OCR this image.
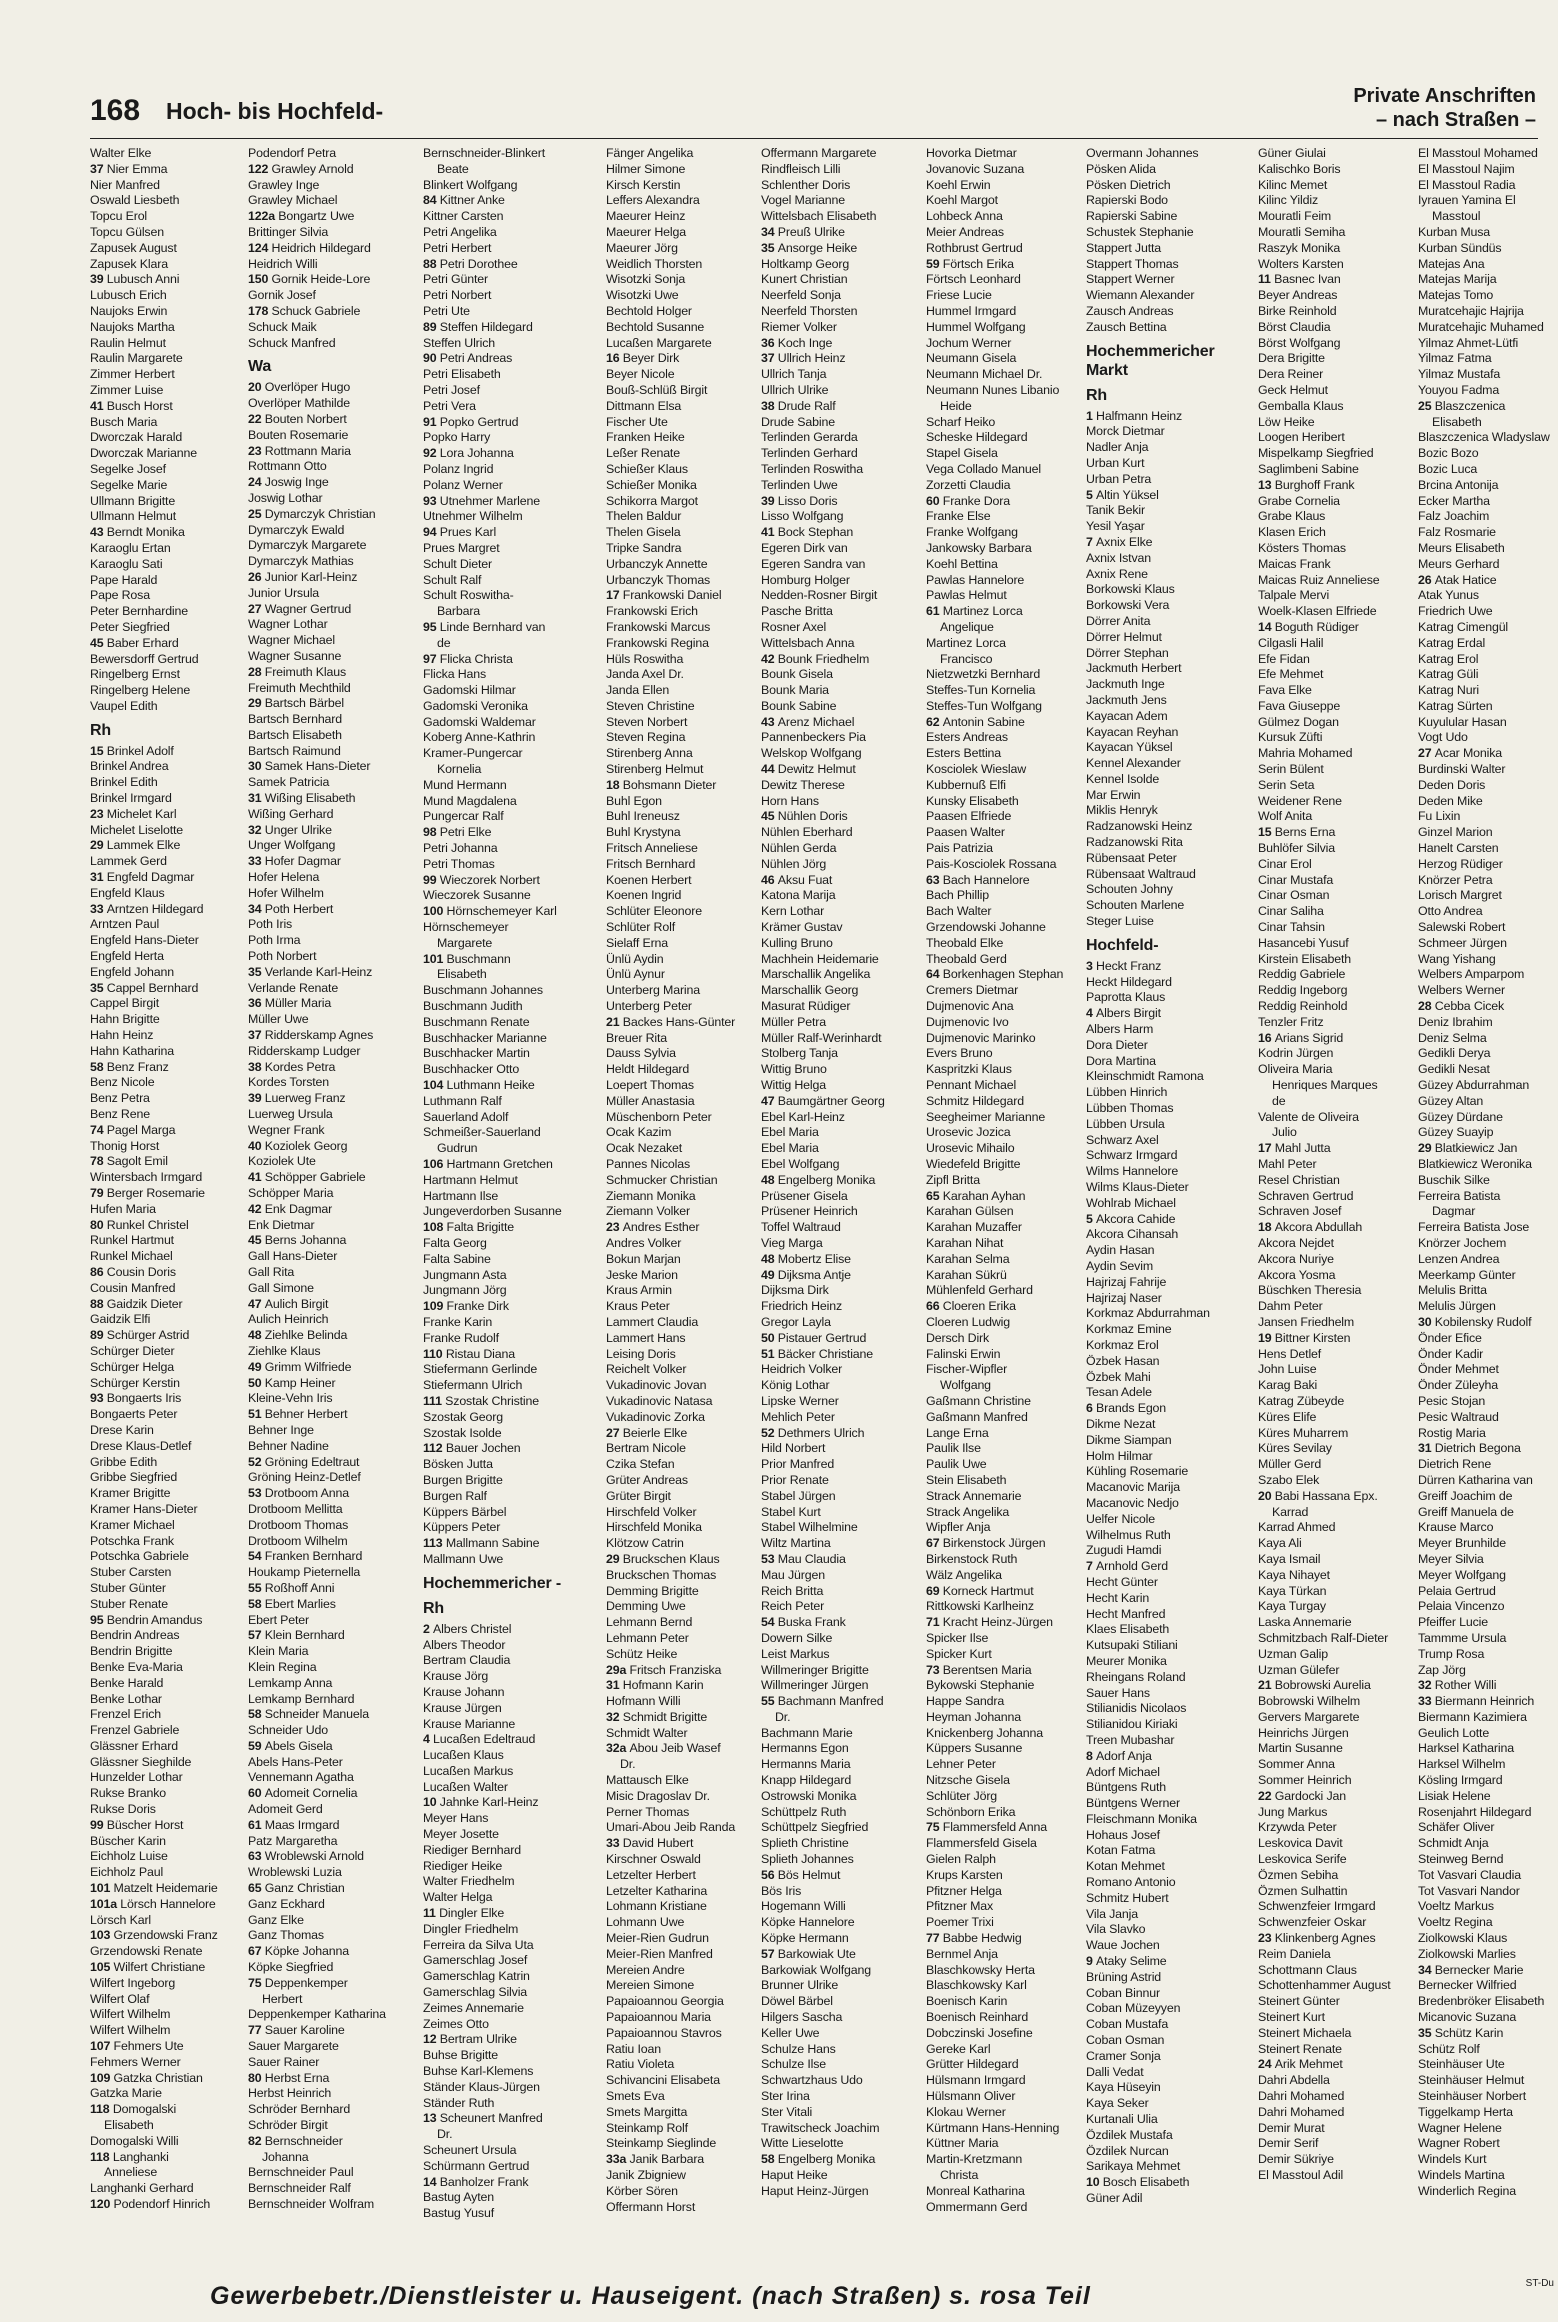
168 Hoch- bis Hochfeld-
Private Anschriften
– nach Straßen –
Walter Elke
37 Nier Emma
Nier Manfred
Oswald Liesbeth
Topcu Erol
Topcu Gülsen
Zapusek August
Zapusek Klara
39 Lubusch Anni
Lubusch Erich
Naujoks Erwin
Naujoks Martha
Raulin Helmut
Raulin Margarete
Zimmer Herbert
Zimmer Luise
41 Busch Horst
Busch Maria
Dworczak Harald
Dworczak Marianne
Segelke Josef
Segelke Marie
Ullmann Brigitte
Ullmann Helmut
43 Berndt Monika
Karaoglu Ertan
Karaoglu Sati
Pape Harald
Pape Rosa
Peter Bernhardine
Peter Siegfried
45 Baber Erhard
Bewersdorff Gertrud
Ringelberg Ernst
Ringelberg Helene
Vaupel Edith
Rh
15 Brinkel Adolf
Brinkel Andrea
Brinkel Edith
Brinkel Irmgard
23 Michelet Karl
Michelet Liselotte
29 Lammek Elke
Lammek Gerd
31 Engfeld Dagmar
Engfeld Klaus
33 Arntzen Hildegard
Arntzen Paul
Engfeld Hans-Dieter
Engfeld Herta
Engfeld Johann
35 Cappel Bernhard
Cappel Birgit
Hahn Brigitte
Hahn Heinz
Hahn Katharina
58 Benz Franz
Benz Nicole
Benz Petra
Benz Rene
74 Pagel Marga
Thonig Horst
78 Sagolt Emil
Wintersbach Irmgard
79 Berger Rosemarie
Hufen Maria
80 Runkel Christel
Runkel Hartmut
Runkel Michael
86 Cousin Doris
Cousin Manfred
88 Gaidzik Dieter
Gaidzik Elfi
89 Schürger Astrid
Schürger Dieter
Schürger Helga
Schürger Kerstin
93 Bongaerts Iris
Bongaerts Peter
Drese Karin
Drese Klaus-Detlef
Gribbe Edith
Gribbe Siegfried
Kramer Brigitte
Kramer Hans-Dieter
Kramer Michael
Potschka Frank
Potschka Gabriele
Stuber Carsten
Stuber Günter
Stuber Renate
95 Bendrin Amandus
Bendrin Andreas
Bendrin Brigitte
Benke Eva-Maria
Benke Harald
Benke Lothar
Frenzel Erich
Frenzel Gabriele
Glässner Erhard
Glässner Sieghilde
Hunzelder Lothar
Rukse Branko
Rukse Doris
99 Büscher Horst
Büscher Karin
Eichholz Luise
Eichholz Paul
101 Matzelt Heidemarie
101a Lörsch Hannelore
Lörsch Karl
103 Grzendowski Franz
Grzendowski Renate
105 Wilfert Christiane
Wilfert Ingeborg
Wilfert Olaf
Wilfert Wilhelm
Wilfert Wilhelm
107 Fehmers Ute
Fehmers Werner
109 Gatzka Christian
Gatzka Marie
118 Domogalski
Elisabeth
Domogalski Willi
118 Langhanki
Anneliese
Langhanki Gerhard
120 Podendorf Hinrich
Podendorf Petra
122 Grawley Arnold
Grawley Inge
Grawley Michael
122a Bongartz Uwe
Brittinger Silvia
124 Heidrich Hildegard
Heidrich Willi
150 Gornik Heide-Lore
Gornik Josef
178 Schuck Gabriele
Schuck Maik
Schuck Manfred
Wa
20 Overlöper Hugo
Overlöper Mathilde
22 Bouten Norbert
Bouten Rosemarie
23 Rottmann Maria
Rottmann Otto
24 Joswig Inge
Joswig Lothar
25 Dymarczyk Christian
Dymarczyk Ewald
Dymarczyk Margarete
Dymarczyk Mathias
26 Junior Karl-Heinz
Junior Ursula
27 Wagner Gertrud
Wagner Lothar
Wagner Michael
Wagner Susanne
28 Freimuth Klaus
Freimuth Mechthild
29 Bartsch Bärbel
Bartsch Bernhard
Bartsch Elisabeth
Bartsch Raimund
30 Samek Hans-Dieter
Samek Patricia
31 Wißing Elisabeth
Wißing Gerhard
32 Unger Ulrike
Unger Wolfgang
33 Hofer Dagmar
Hofer Helena
Hofer Wilhelm
34 Poth Herbert
Poth Iris
Poth Irma
Poth Norbert
35 Verlande Karl-Heinz
Verlande Renate
36 Müller Maria
Müller Uwe
37 Ridderskamp Agnes
Ridderskamp Ludger
38 Kordes Petra
Kordes Torsten
39 Luerweg Franz
Luerweg Ursula
Wegner Frank
40 Koziolek Georg
Koziolek Ute
41 Schöpper Gabriele
Schöpper Maria
42 Enk Dagmar
Enk Dietmar
45 Berns Johanna
Gall Hans-Dieter
Gall Rita
Gall Simone
47 Aulich Birgit
Aulich Heinrich
48 Ziehlke Belinda
Ziehlke Klaus
49 Grimm Wilfriede
50 Kamp Heiner
Kleine-Vehn Iris
51 Behner Herbert
Behner Inge
Behner Nadine
52 Gröning Edeltraut
Gröning Heinz-Detlef
53 Drotboom Anna
Drotboom Mellitta
Drotboom Thomas
Drotboom Wilhelm
54 Franken Bernhard
Houkamp Pieternella
55 Roßhoff Anni
58 Ebert Marlies
Ebert Peter
57 Klein Bernhard
Klein Maria
Klein Regina
Lemkamp Anna
Lemkamp Bernhard
58 Schneider Manuela
Schneider Udo
59 Abels Gisela
Abels Hans-Peter
Vennemann Agatha
60 Adomeit Cornelia
Adomeit Gerd
61 Maas Irmgard
Patz Margaretha
63 Wroblewski Arnold
Wroblewski Luzia
65 Ganz Christian
Ganz Eckhard
Ganz Elke
Ganz Thomas
67 Köpke Johanna
Köpke Siegfried
75 Deppenkemper
Herbert
Deppenkemper Katharina
77 Sauer Karoline
Sauer Margarete
Sauer Rainer
80 Herbst Erna
Herbst Heinrich
Schröder Bernhard
Schröder Birgit
82 Bernschneider
Johanna
Bernschneider Paul
Bernschneider Ralf
Bernschneider Wolfram
Bernschneider-Blinkert
Beate
Blinkert Wolfgang
84 Kittner Anke
Kittner Carsten
Petri Angelika
Petri Herbert
88 Petri Dorothee
Petri Günter
Petri Norbert
Petri Ute
89 Steffen Hildegard
Steffen Ulrich
90 Petri Andreas
Petri Elisabeth
Petri Josef
Petri Vera
91 Popko Gertrud
Popko Harry
92 Lora Johanna
Polanz Ingrid
Polanz Werner
93 Utnehmer Marlene
Utnehmer Wilhelm
94 Prues Karl
Prues Margret
Schult Dieter
Schult Ralf
Schult Roswitha-
Barbara
95 Linde Bernhard van
de
97 Flicka Christa
Flicka Hans
Gadomski Hilmar
Gadomski Veronika
Gadomski Waldemar
Koberg Anne-Kathrin
Kramer-Pungercar
Kornelia
Mund Hermann
Mund Magdalena
Pungercar Ralf
98 Petri Elke
Petri Johanna
Petri Thomas
99 Wieczorek Norbert
Wieczorek Susanne
100 Hörnschemeyer Karl
Hörnschemeyer
Margarete
101 Buschmann
Elisabeth
Buschmann Johannes
Buschmann Judith
Buschmann Renate
Buschhacker Marianne
Buschhacker Martin
Buschhacker Otto
104 Luthmann Heike
Luthmann Ralf
Sauerland Adolf
Schmeißer-Sauerland
Gudrun
106 Hartmann Gretchen
Hartmann Helmut
Hartmann Ilse
Jungeverdorben Susanne
108 Falta Brigitte
Falta Georg
Falta Sabine
Jungmann Asta
Jungmann Jörg
109 Franke Dirk
Franke Karin
Franke Rudolf
110 Ristau Diana
Stiefermann Gerlinde
Stiefermann Ulrich
111 Szostak Christine
Szostak Georg
Szostak Isolde
112 Bauer Jochen
Bösken Jutta
Burgen Brigitte
Burgen Ralf
Küppers Bärbel
Küppers Peter
113 Mallmann Sabine
Mallmann Uwe
Hochemmericher -
Rh
2 Albers Christel
Albers Theodor
Bertram Claudia
Krause Jörg
Krause Johann
Krause Jürgen
Krause Marianne
4 Lucaßen Edeltraud
Lucaßen Klaus
Lucaßen Markus
Lucaßen Walter
10 Jahnke Karl-Heinz
Meyer Hans
Meyer Josette
Riediger Bernhard
Riediger Heike
Walter Friedhelm
Walter Helga
11 Dingler Elke
Dingler Friedhelm
Ferreira da Silva Uta
Gamerschlag Josef
Gamerschlag Katrin
Gamerschlag Silvia
Zeimes Annemarie
Zeimes Otto
12 Bertram Ulrike
Buhse Brigitte
Buhse Karl-Klemens
Ständer Klaus-Jürgen
Ständer Ruth
13 Scheunert Manfred
Dr.
Scheunert Ursula
Schürmann Gertrud
14 Banholzer Frank
Bastug Ayten
Bastug Yusuf
Fänger Angelika
Hilmer Simone
Kirsch Kerstin
Leffers Alexandra
Maeurer Heinz
Maeurer Helga
Maeurer Jörg
Weidlich Thorsten
Wisotzki Sonja
Wisotzki Uwe
Bechtold Holger
Bechtold Susanne
Lucaßen Margarete
16 Beyer Dirk
Beyer Nicole
Bouß-Schlüß Birgit
Dittmann Elsa
Fischer Ute
Franken Heike
Leßer Renate
Schießer Klaus
Schießer Monika
Schikorra Margot
Thelen Baldur
Thelen Gisela
Tripke Sandra
Urbanczyk Annette
Urbanczyk Thomas
17 Frankowski Daniel
Frankowski Erich
Frankowski Marcus
Frankowski Regina
Hüls Roswitha
Janda Axel Dr.
Janda Ellen
Steven Christine
Steven Norbert
Steven Regina
Stirenberg Anna
Stirenberg Helmut
18 Bohsmann Dieter
Buhl Egon
Buhl Ireneusz
Buhl Krystyna
Fritsch Anneliese
Fritsch Bernhard
Koenen Herbert
Koenen Ingrid
Schlüter Eleonore
Schlüter Rolf
Sielaff Erna
Ünlü Aydin
Ünlü Aynur
Unterberg Marina
Unterberg Peter
21 Backes Hans-Günter
Breuer Rita
Dauss Sylvia
Heldt Hildegard
Loepert Thomas
Müller Anastasia
Müschenborn Peter
Ocak Kazim
Ocak Nezaket
Pannes Nicolas
Schmucker Christian
Ziemann Monika
Ziemann Volker
23 Andres Esther
Andres Volker
Bokun Marjan
Jeske Marion
Kraus Armin
Kraus Peter
Lammert Claudia
Lammert Hans
Leising Doris
Reichelt Volker
Vukadinovic Jovan
Vukadinovic Natasa
Vukadinovic Zorka
27 Beierle Elke
Bertram Nicole
Czika Stefan
Grüter Andreas
Grüter Birgit
Hirschfeld Volker
Hirschfeld Monika
Klötzow Catrin
29 Bruckschen Klaus
Bruckschen Thomas
Demming Brigitte
Demming Uwe
Lehmann Bernd
Lehmann Peter
Schütz Heike
29a Fritsch Franziska
31 Hofmann Karin
Hofmann Willi
32 Schmidt Brigitte
Schmidt Walter
32a Abou Jeib Wasef
Dr.
Mattausch Elke
Misic Dragoslav Dr.
Perner Thomas
Umari-Abou Jeib Randa
33 David Hubert
Kirschner Oswald
Letzelter Herbert
Letzelter Katharina
Lohmann Kristiane
Lohmann Uwe
Meier-Rien Gudrun
Meier-Rien Manfred
Mereien Andre
Mereien Simone
Papaioannou Georgia
Papaioannou Maria
Papaioannou Stavros
Ratiu Ioan
Ratiu Violeta
Schivancini Elisabeta
Smets Eva
Smets Margitta
Steinkamp Rolf
Steinkamp Sieglinde
33a Janik Barbara
Janik Zbigniew
Körber Sören
Offermann Horst
Offermann Margarete
Rindfleisch Lilli
Schlenther Doris
Vogel Marianne
Wittelsbach Elisabeth
34 Preuß Ulrike
35 Ansorge Heike
Holtkamp Georg
Kunert Christian
Neerfeld Sonja
Neerfeld Thorsten
Riemer Volker
36 Koch Inge
37 Ullrich Heinz
Ullrich Tanja
Ullrich Ulrike
38 Drude Ralf
Drude Sabine
Terlinden Gerarda
Terlinden Gerhard
Terlinden Roswitha
Terlinden Uwe
39 Lisso Doris
Lisso Wolfgang
41 Bock Stephan
Egeren Dirk van
Egeren Sandra van
Homburg Holger
Nedden-Rosner Birgit
Pasche Britta
Rosner Axel
Wittelsbach Anna
42 Bounk Friedhelm
Bounk Gisela
Bounk Maria
Bounk Sabine
43 Arenz Michael
Pannenbeckers Pia
Welskop Wolfgang
44 Dewitz Helmut
Dewitz Therese
Horn Hans
45 Nühlen Doris
Nühlen Eberhard
Nühlen Gerda
Nühlen Jörg
46 Aksu Fuat
Katona Marija
Kern Lothar
Krämer Gustav
Kulling Bruno
Machhein Heidemarie
Marschallik Angelika
Marschallik Georg
Masurat Rüdiger
Müller Petra
Müller Ralf-Werinhardt
Stolberg Tanja
Wittig Bruno
Wittig Helga
47 Baumgärtner Georg
Ebel Karl-Heinz
Ebel Maria
Ebel Maria
Ebel Wolfgang
48 Engelberg Monika
Prüsener Gisela
Prüsener Heinrich
Toffel Waltraud
Vieg Marga
48 Mobertz Elise
49 Dijksma Antje
Dijksma Dirk
Friedrich Heinz
Gregor Layla
50 Pistauer Gertrud
51 Bäcker Christiane
Heidrich Volker
König Lothar
Lipske Werner
Mehlich Peter
52 Dethmers Ulrich
Hild Norbert
Prior Manfred
Prior Renate
Stabel Jürgen
Stabel Kurt
Stabel Wilhelmine
Wiltz Martina
53 Mau Claudia
Mau Jürgen
Reich Britta
Reich Peter
54 Buska Frank
Dowern Silke
Leist Markus
Willmeringer Brigitte
Willmeringer Jürgen
55 Bachmann Manfred
Dr.
Bachmann Marie
Hermanns Egon
Hermanns Maria
Knapp Hildegard
Ostrowski Monika
Schüttpelz Ruth
Schüttpelz Siegfried
Splieth Christine
Splieth Johannes
56 Bös Helmut
Bös Iris
Hogemann Willi
Köpke Hannelore
Köpke Hermann
57 Barkowiak Ute
Barkowiak Wolfgang
Brunner Ulrike
Döwel Bärbel
Hilgers Sascha
Keller Uwe
Schulze Hans
Schulze Ilse
Schwartzhaus Udo
Ster Irina
Ster Vitali
Trawitscheck Joachim
Witte Lieselotte
58 Engelberg Monika
Haput Heike
Haput Heinz-Jürgen
Hovorka Dietmar
Jovanovic Suzana
Koehl Erwin
Koehl Margot
Lohbeck Anna
Meier Andreas
Rothbrust Gertrud
59 Förtsch Erika
Förtsch Leonhard
Friese Lucie
Hummel Irmgard
Hummel Wolfgang
Jochum Werner
Neumann Gisela
Neumann Michael Dr.
Neumann Nunes Libanio
Heide
Scharf Heiko
Scheske Hildegard
Stapel Gisela
Vega Collado Manuel
Zorzetti Claudia
60 Franke Dora
Franke Else
Franke Wolfgang
Jankowsky Barbara
Koehl Bettina
Pawlas Hannelore
Pawlas Helmut
61 Martinez Lorca
Angelique
Martinez Lorca
Francisco
Nietzwetzki Bernhard
Steffes-Tun Kornelia
Steffes-Tun Wolfgang
62 Antonin Sabine
Esters Andreas
Esters Bettina
Kosciolek Wieslaw
Kubbernuß Elfi
Kunsky Elisabeth
Paasen Elfriede
Paasen Walter
Pais Patrizia
Pais-Kosciolek Rossana
63 Bach Hannelore
Bach Phillip
Bach Walter
Grzendowski Johanne
Theobald Elke
Theobald Gerd
64 Borkenhagen Stephan
Cremers Dietmar
Dujmenovic Ana
Dujmenovic Ivo
Dujmenovic Marinko
Evers Bruno
Kaspritzki Klaus
Pennant Michael
Schmitz Hildegard
Seegheimer Marianne
Urosevic Jozica
Urosevic Mihailo
Wiedefeld Brigitte
Zipfl Britta
65 Karahan Ayhan
Karahan Gülsen
Karahan Muzaffer
Karahan Nihat
Karahan Selma
Karahan Sükrü
Mühlenfeld Gerhard
66 Cloeren Erika
Cloeren Ludwig
Dersch Dirk
Falinski Erwin
Fischer-Wipfler
Wolfgang
Gaßmann Christine
Gaßmann Manfred
Lange Erna
Paulik Ilse
Paulik Uwe
Stein Elisabeth
Strack Annemarie
Strack Angelika
Wipfler Anja
67 Birkenstock Jürgen
Birkenstock Ruth
Wälz Angelika
69 Korneck Hartmut
Rittkowski Karlheinz
71 Kracht Heinz-Jürgen
Spicker Ilse
Spicker Kurt
73 Berentsen Maria
Bykowski Stephanie
Happe Sandra
Heyman Johanna
Knickenberg Johanna
Küppers Susanne
Lehner Peter
Nitzsche Gisela
Schlüter Jörg
Schönborn Erika
75 Flammersfeld Anna
Flammersfeld Gisela
Gielen Ralph
Krups Karsten
Pfitzner Helga
Pfitzner Max
Poemer Trixi
77 Babbe Hedwig
Bernmel Anja
Blaschkowsky Herta
Blaschkowsky Karl
Boenisch Karin
Boenisch Reinhard
Dobczinski Josefine
Gereke Karl
Grütter Hildegard
Hülsmann Irmgard
Hülsmann Oliver
Klokau Werner
Kürtmann Hans-Henning
Küttner Maria
Martin-Kretzmann
Christa
Monreal Katharina
Ommermann Gerd
Overmann Johannes
Pösken Alida
Pösken Dietrich
Rapierski Bodo
Rapierski Sabine
Schustek Stephanie
Stappert Jutta
Stappert Thomas
Stappert Werner
Wiemann Alexander
Zausch Andreas
Zausch Bettina
Hochemmericher Markt
Rh
1 Halfmann Heinz
Morck Dietmar
Nadler Anja
Urban Kurt
Urban Petra
5 Altin Yüksel
Tanik Bekir
Yesil Yaşar
7 Axnix Elke
Axnix Istvan
Axnix Rene
Borkowski Klaus
Borkowski Vera
Dörrer Anita
Dörrer Helmut
Dörrer Stephan
Jackmuth Herbert
Jackmuth Inge
Jackmuth Jens
Kayacan Adem
Kayacan Reyhan
Kayacan Yüksel
Kennel Alexander
Kennel Isolde
Mar Erwin
Miklis Henryk
Radzanowski Heinz
Radzanowski Rita
Rübensaat Peter
Rübensaat Waltraud
Schouten Johny
Schouten Marlene
Steger Luise
Hochfeld-
3 Heckt Franz
Heckt Hildegard
Paprotta Klaus
4 Albers Birgit
Albers Harm
Dora Dieter
Dora Martina
Kleinschmidt Ramona
Lübben Hinrich
Lübben Thomas
Lübben Ursula
Schwarz Axel
Schwarz Irmgard
Wilms Hannelore
Wilms Klaus-Dieter
Wohlrab Michael
5 Akcora Cahide
Akcora Cihansah
Aydin Hasan
Aydin Sevim
Hajrizaj Fahrije
Hajrizaj Naser
Korkmaz Abdurrahman
Korkmaz Emine
Korkmaz Erol
Özbek Hasan
Özbek Mahi
Tesan Adele
6 Brands Egon
Dikme Nezat
Dikme Siampan
Holm Hilmar
Kühling Rosemarie
Macanovic Marija
Macanovic Nedjo
Uelfer Nicole
Wilhelmus Ruth
Zugudi Hamdi
7 Arnhold Gerd
Hecht Günter
Hecht Karin
Hecht Manfred
Klaes Elisabeth
Kutsupaki Stiliani
Meurer Monika
Rheingans Roland
Sauer Hans
Stilianidis Nicolaos
Stilianidou Kiriaki
Treen Mubashar
8 Adorf Anja
Adorf Michael
Büntgens Ruth
Büntgens Werner
Fleischmann Monika
Hohaus Josef
Kotan Fatma
Kotan Mehmet
Romano Antonio
Schmitz Hubert
Vila Janja
Vila Slavko
Waue Jochen
9 Ataky Selime
Brüning Astrid
Coban Binnur
Coban Müzeyyen
Coban Mustafa
Coban Osman
Cramer Sonja
Dalli Vedat
Kaya Hüseyin
Kaya Seker
Kurtanali Ulia
Özdilek Mustafa
Özdilek Nurcan
Sarikaya Mehmet
10 Bosch Elisabeth
Güner Adil
Güner Giulai
Kalischko Boris
Kilinc Memet
Kilinc Yildiz
Mouratli Feim
Mouratli Semiha
Raszyk Monika
Wolters Karsten
11 Basnec Ivan
Beyer Andreas
Birke Reinhold
Börst Claudia
Börst Wolfgang
Dera Brigitte
Dera Reiner
Geck Helmut
Gemballa Klaus
Löw Heike
Loogen Heribert
Mispelkamp Siegfried
Saglimbeni Sabine
13 Burghoff Frank
Grabe Cornelia
Grabe Klaus
Klasen Erich
Kösters Thomas
Maicas Frank
Maicas Ruiz Anneliese
Talpale Mervi
Woelk-Klasen Elfriede
14 Boguth Rüdiger
Cilgasli Halil
Efe Fidan
Efe Mehmet
Fava Elke
Fava Giuseppe
Gülmez Dogan
Kursuk Züfti
Mahria Mohamed
Serin Bülent
Serin Seta
Weidener Rene
Wolf Anita
15 Berns Erna
Buhlöfer Silvia
Cinar Erol
Cinar Mustafa
Cinar Osman
Cinar Saliha
Cinar Tahsin
Hasancebi Yusuf
Kirstein Elisabeth
Reddig Gabriele
Reddig Ingeborg
Reddig Reinhold
Tenzler Fritz
16 Arians Sigrid
Kodrin Jürgen
Oliveira Maria
Henriques Marques
de
Valente de Oliveira
Julio
17 Mahl Jutta
Mahl Peter
Resel Christian
Schraven Gertrud
Schraven Josef
18 Akcora Abdullah
Akcora Nejdet
Akcora Nuriye
Akcora Yosma
Büschken Theresia
Dahm Peter
Jansen Friedhelm
19 Bittner Kirsten
Hens Detlef
John Luise
Karag Baki
Katrag Zübeyde
Küres Elife
Küres Muharrem
Küres Sevilay
Müller Gerd
Szabo Elek
20 Babi Hassana Epx.
Karrad
Karrad Ahmed
Kaya Ali
Kaya Ismail
Kaya Nihayet
Kaya Türkan
Kaya Turgay
Laska Annemarie
Schmitzbach Ralf-Dieter
Uzman Galip
Uzman Gülefer
21 Bobrowski Aurelia
Bobrowski Wilhelm
Gervers Margarete
Heinrichs Jürgen
Martin Susanne
Sommer Anna
Sommer Heinrich
22 Gardocki Jan
Jung Markus
Krzywda Peter
Leskovica Davit
Leskovica Serife
Özmen Sebiha
Özmen Sulhattin
Schwenzfeier Irmgard
Schwenzfeier Oskar
23 Klinkenberg Agnes
Reim Daniela
Schottmann Claus
Schottenhammer August
Steinert Günter
Steinert Kurt
Steinert Michaela
Steinert Renate
24 Arik Mehmet
Dahri Abdella
Dahri Mohamed
Dahri Mohamed
Demir Murat
Demir Serif
Demir Sükriye
El Masstoul Adil
El Masstoul Mohamed
El Masstoul Najim
El Masstoul Radia
Iyrauen Yamina El
Masstoul
Kurban Musa
Kurban Sündüs
Matejas Ana
Matejas Marija
Matejas Tomo
Muratcehajic Hajrija
Muratcehajic Muhamed
Yilmaz Ahmet-Lütfi
Yilmaz Fatma
Yilmaz Mustafa
Youyou Fadma
25 Blaszczenica
Elisabeth
Blaszczenica Wladyslaw
Bozic Bozo
Bozic Luca
Brcina Antonija
Ecker Martha
Falz Joachim
Falz Rosmarie
Meurs Elisabeth
Meurs Gerhard
26 Atak Hatice
Atak Yunus
Friedrich Uwe
Katrag Cimengül
Katrag Erdal
Katrag Erol
Katrag Güli
Katrag Nuri
Katrag Sürten
Kuyulular Hasan
Vogt Udo
27 Acar Monika
Burdinski Walter
Deden Doris
Deden Mike
Fu Lixin
Ginzel Marion
Hanelt Carsten
Herzog Rüdiger
Knörzer Petra
Lorisch Margret
Otto Andrea
Salewski Robert
Schmeer Jürgen
Wang Yishang
Welbers Amparpom
Welbers Werner
28 Cebba Cicek
Deniz Ibrahim
Deniz Selma
Gedikli Derya
Gedikli Nesat
Güzey Abdurrahman
Güzey Altan
Güzey Dürdane
Güzey Suayip
29 Blatkiewicz Jan
Blatkiewicz Weronika
Buschik Silke
Ferreira Batista
Dagmar
Ferreira Batista Jose
Knörzer Jochem
Lenzen Andrea
Meerkamp Günter
Melulis Britta
Melulis Jürgen
30 Kobilensky Rudolf
Önder Efice
Önder Kadir
Önder Mehmet
Önder Züleyha
Pesic Stojan
Pesic Waltraud
Rostig Maria
31 Dietrich Begona
Dietrich Rene
Dürren Katharina van
Greiff Joachim de
Greiff Manuela de
Krause Marco
Meyer Brunhilde
Meyer Silvia
Meyer Wolfgang
Pelaia Gertrud
Pelaia Vincenzo
Pfeiffer Lucie
Tammme Ursula
Trump Rosa
Zap Jörg
32 Rother Willi
33 Biermann Heinrich
Biermann Kazimiera
Geulich Lotte
Harksel Katharina
Harksel Wilhelm
Kösling Irmgard
Lisiak Helene
Rosenjahrt Hildegard
Schäfer Oliver
Schmidt Anja
Steinweg Bernd
Tot Vasvari Claudia
Tot Vasvari Nandor
Voeltz Markus
Voeltz Regina
Ziolkowski Klaus
Ziolkowski Marlies
34 Bernecker Marie
Bernecker Wilfried
Bredenbröker Elisabeth
Micanovic Suzana
35 Schütz Karin
Schütz Rolf
Steinhäuser Ute
Steinhäuser Helmut
Steinhäuser Norbert
Tiggelkamp Herta
Wagner Helene
Wagner Robert
Windels Kurt
Windels Martina
Winderlich Regina
Gewerbebetr./Dienstleister u. Hauseigent. (nach Straßen) s. rosa Teil	ST-Du
